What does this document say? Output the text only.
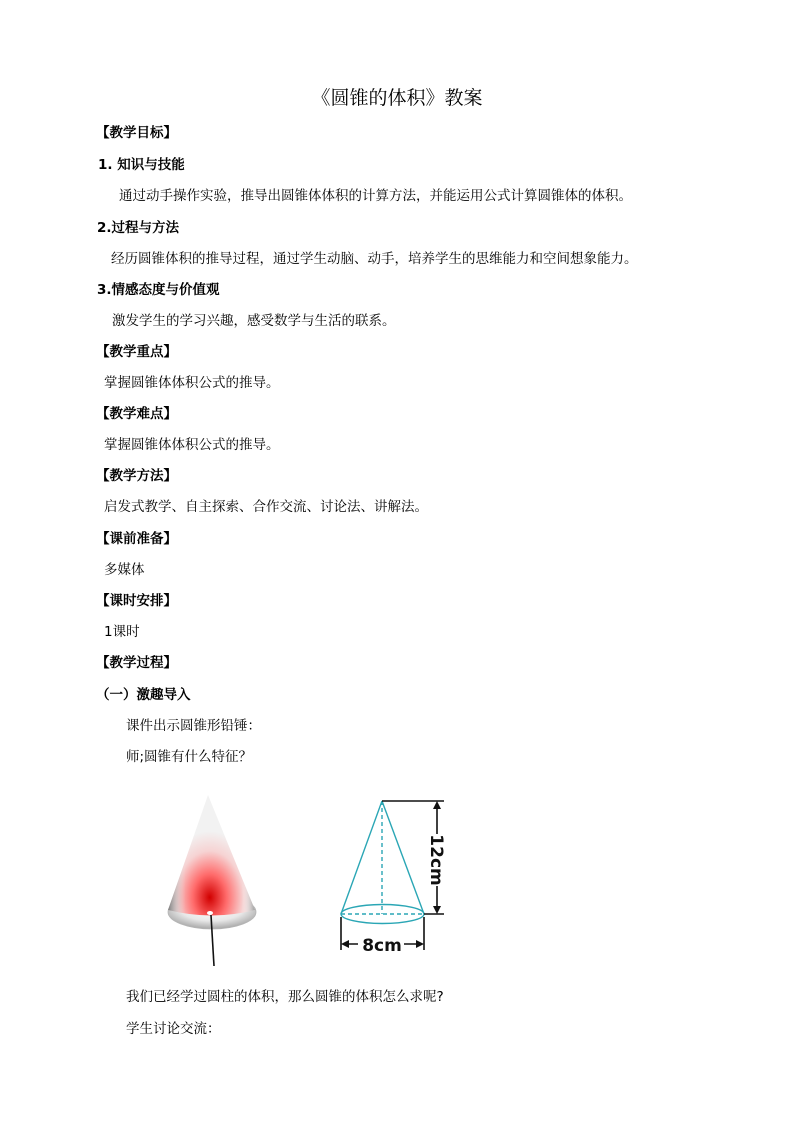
《圆锥的体积》教案
【教学目标】
1. 知识与技能
通过动手操作实验，推导出圆锥体体积的计算方法，并能运用公式计算圆锥体的体积。
2.过程与方法
经历圆锥体积的推导过程，通过学生动脑、动手，培养学生的思维能力和空间想象能力。
3.情感态度与价值观
激发学生的学习兴趣，感受数学与生活的联系。
【教学重点】
掌握圆锥体体积公式的推导。
【教学难点】
掌握圆锥体体积公式的推导。
【教学方法】
启发式教学、自主探索、合作交流、讨论法、讲解法。
【课前准备】
多媒体
【课时安排】
1课时
【教学过程】
（一）激趣导入
课件出示圆锥形铅锤：
师;圆锥有什么特征？
8cm
12cm
我们已经学过圆柱的体积，那么圆锥的体积怎么求呢?
学生讨论交流：
